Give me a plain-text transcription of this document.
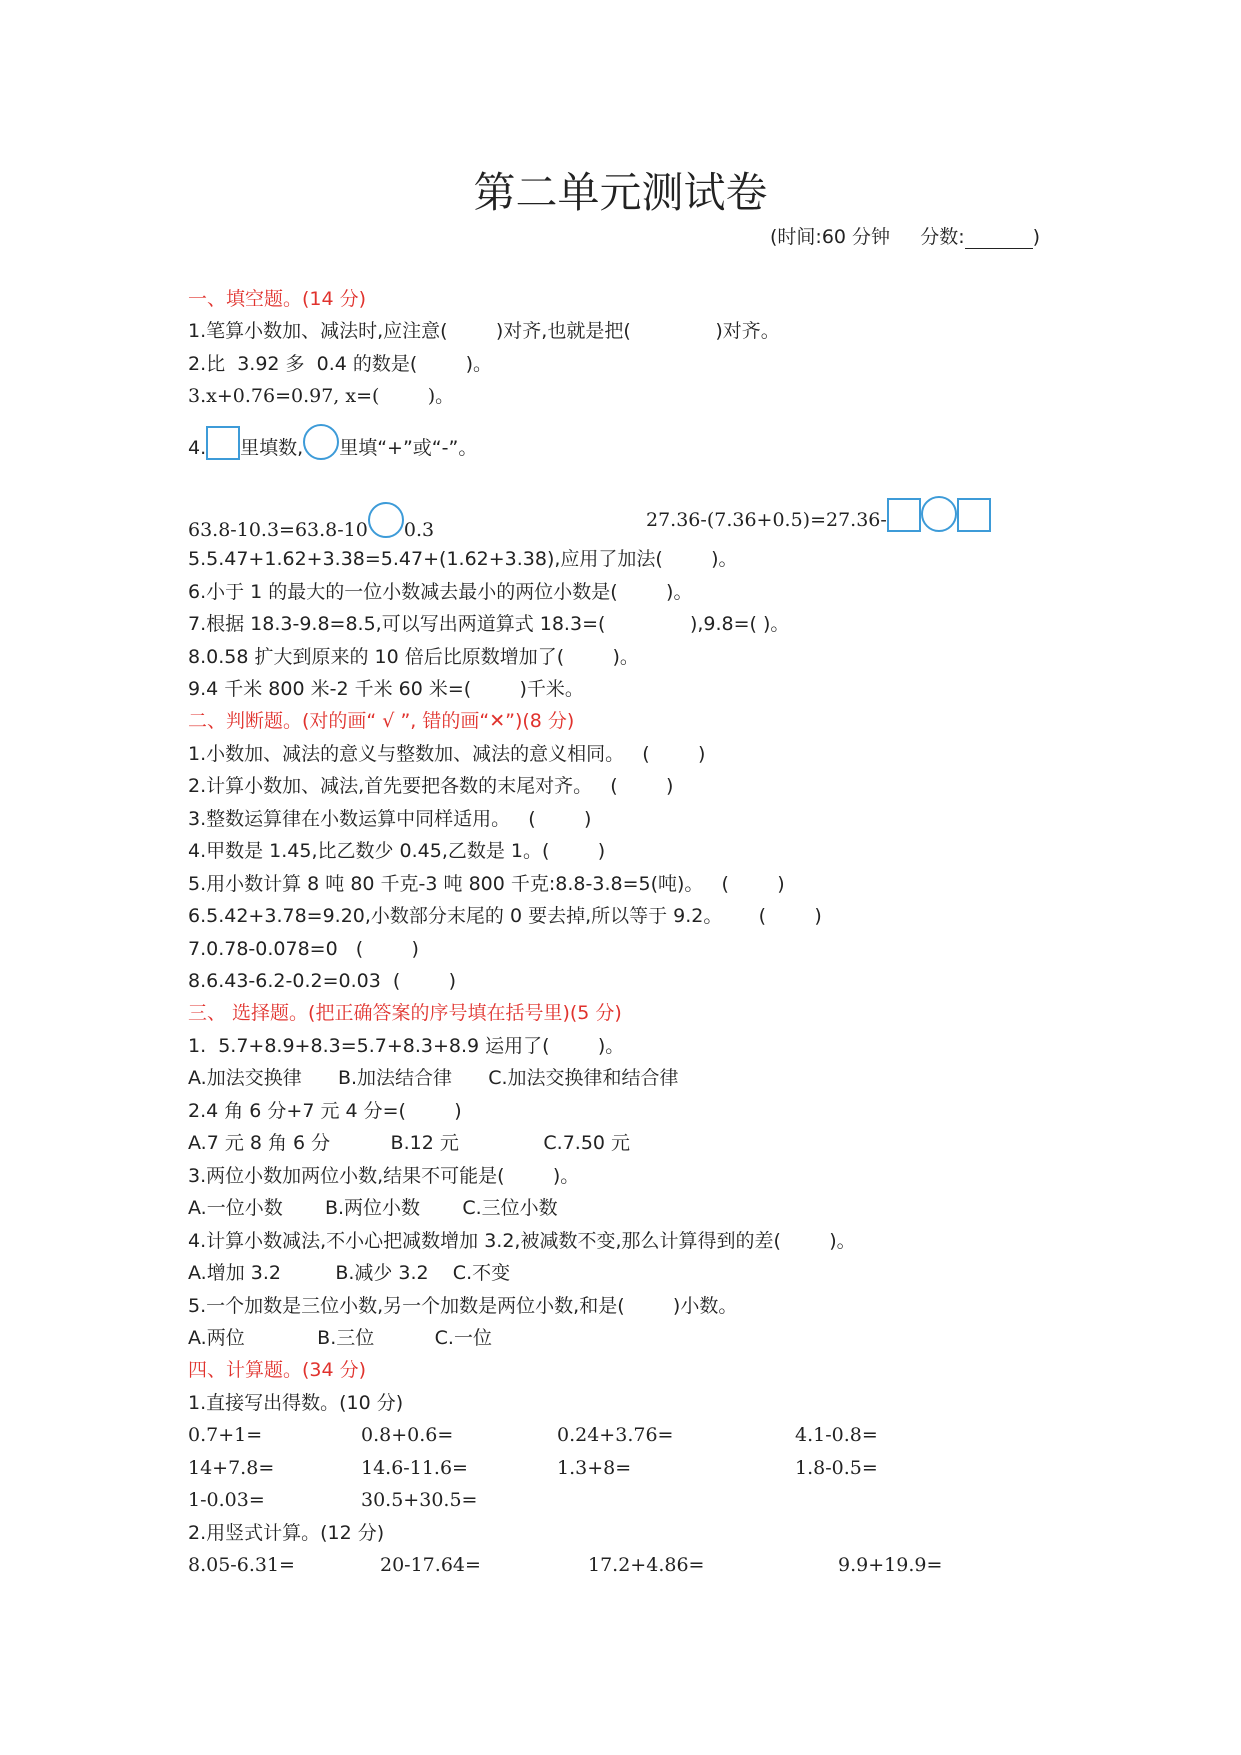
第二单元测试卷
(时间:60 分钟 分数:	)
一、填空题。(14 分)
1.笔算小数加、减法时,应注意(        )对齐,也就是把(              )对齐。
2.比  3.92 多  0.4 的数是(        )。
3.x+0.76=0.97, x=(        )。
4. 里填数, 里填“+”或“-”。
63.8-10.3=63.8-10 0.3	27.36-(7.36+0.5)=27.36-
5.5.47+1.62+3.38=5.47+(1.62+3.38),应用了加法(        )。
6.小于 1 的最大的一位小数减去最小的两位小数是(        )。
7.根据 18.3-9.8=8.5,可以写出两道算式 18.3=(              ),9.8=( )。
8.0.58 扩大到原来的 10 倍后比原数增加了(        )。
9.4 千米 800 米-2 千米 60 米=(        )千米。
二、判断题。(对的画“ √ ”, 错的画“✕”)(8 分)
1.小数加、减法的意义与整数加、减法的意义相同。   (        )
2.计算小数加、减法,首先要把各数的末尾对齐。   (        )
3.整数运算律在小数运算中同样适用。   (        )
4.甲数是 1.45,比乙数少 0.45,乙数是 1。(        )
5.用小数计算 8 吨 80 千克-3 吨 800 千克:8.8-3.8=5(吨)。   (        )
6.5.42+3.78=9.20,小数部分末尾的 0 要去掉,所以等于 9.2。      (        )
7.0.78-0.078=0   (        )
8.6.43-6.2-0.2=0.03  (        )
三、 选择题。(把正确答案的序号填在括号里)(5 分)
1.  5.7+8.9+8.3=5.7+8.3+8.9 运用了(        )。
A.加法交换律      B.加法结合律      C.加法交换律和结合律
2.4 角 6 分+7 元 4 分=(        )
A.7 元 8 角 6 分          B.12 元              C.7.50 元
3.两位小数加两位小数,结果不可能是(        )。
A.一位小数       B.两位小数       C.三位小数
4.计算小数减法,不小心把减数增加 3.2,被减数不变,那么计算得到的差(        )。
A.增加 3.2         B.减少 3.2    C.不变
5.一个加数是三位小数,另一个加数是两位小数,和是(        )小数。
A.两位            B.三位          C.一位
四、计算题。(34 分)
1.直接写出得数。(10 分)
0.7+1=	0.8+0.6=	0.24+3.76=	4.1-0.8=
14+7.8=	14.6-11.6=	1.3+8=	1.8-0.5=
1-0.03=	30.5+30.5=
2.用竖式计算。(12 分)
8.05-6.31=	20-17.64=	17.2+4.86=	9.9+19.9=
